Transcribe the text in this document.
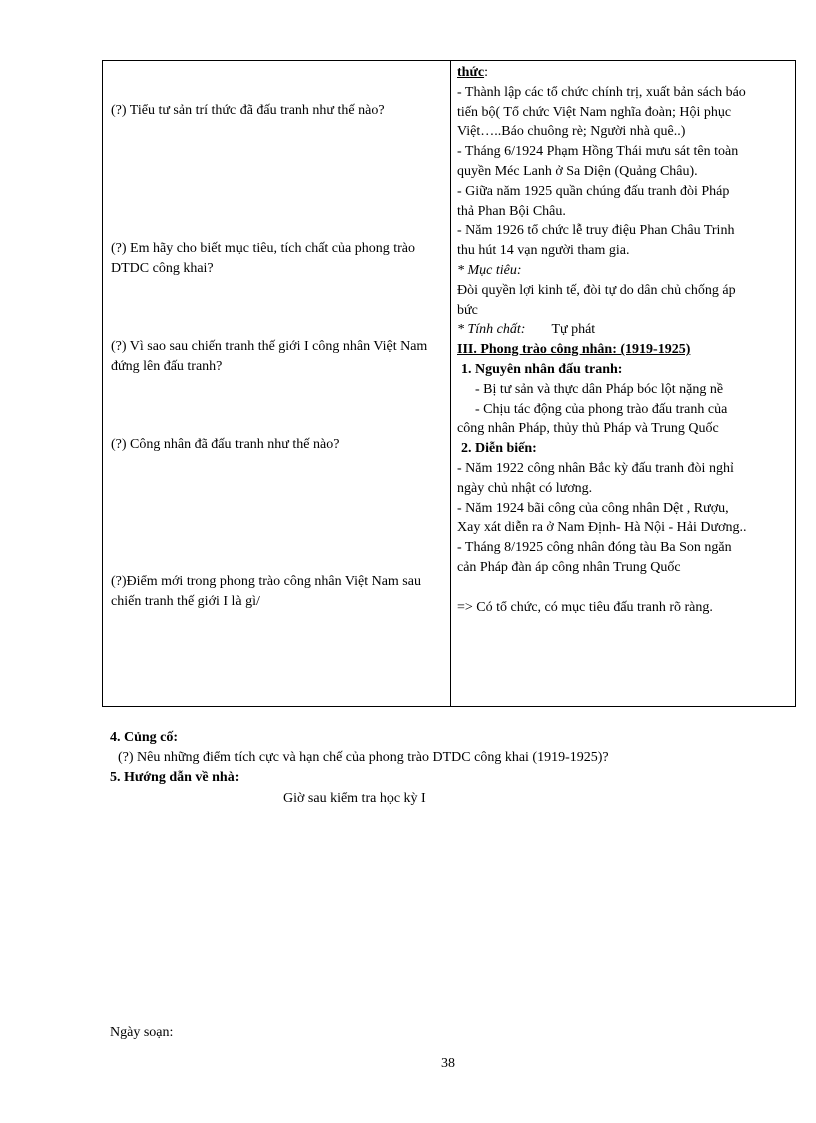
(?) Tiểu tư sản trí thức đã đấu tranh như thế nào?
(?) Em hãy cho biết mục tiêu, tích chất của phong trào DTDC công khai?
(?) Vì sao sau chiến tranh thế giới I công nhân Việt Nam đứng lên đấu tranh?
(?) Công nhân đã đấu tranh như thế nào?
(?)Điểm mới trong phong trào công nhân Việt Nam sau chiến tranh thế giới I là gì/
thức:
- Thành lập các tổ chức chính trị, xuất bản sách báo
tiến bộ( Tổ chức Việt Nam nghĩa đoàn; Hội phục
Việt…..Báo chuông rè; Người nhà quê..)
- Tháng 6/1924 Phạm Hồng Thái mưu sát tên toàn
quyền Méc Lanh ở Sa Diện (Quảng Châu).
- Giữa năm 1925 quần chúng đấu tranh đòi Pháp
thả Phan Bội Châu.
- Năm 1926 tổ chức lễ truy điệu Phan Châu Trinh
thu hút 14 vạn người tham gia.
* Mục tiêu:
Đòi quyền lợi kinh tế, đòi tự do dân chủ chống áp
bức
* Tính chất: Tự phát
III. Phong trào công nhân: (1919-1925)
1. Nguyên nhân đấu tranh:
- Bị tư sản và thực dân Pháp bóc lột nặng nề
- Chịu tác động của phong trào đấu tranh của
công nhân Pháp, thủy thủ Pháp và Trung Quốc
2. Diễn biến:
- Năm 1922 công nhân Bắc kỳ đấu tranh đòi nghỉ
ngày chủ nhật có lương.
- Năm 1924 bãi công của công nhân Dệt , Rượu,
Xay xát diễn ra ở Nam Định- Hà Nội - Hải Dương..
- Tháng 8/1925 công nhân đóng tàu Ba Son ngăn
cản Pháp đàn áp công nhân Trung Quốc
=> Có tổ chức, có mục tiêu đấu tranh rõ ràng.
4. Củng cố:
(?) Nêu những điểm tích cực và hạn chế của phong trào DTDC công khai (1919-1925)?
5. Hướng dẫn về nhà:
Giờ sau kiểm tra học kỳ I
Ngày soạn:
38
